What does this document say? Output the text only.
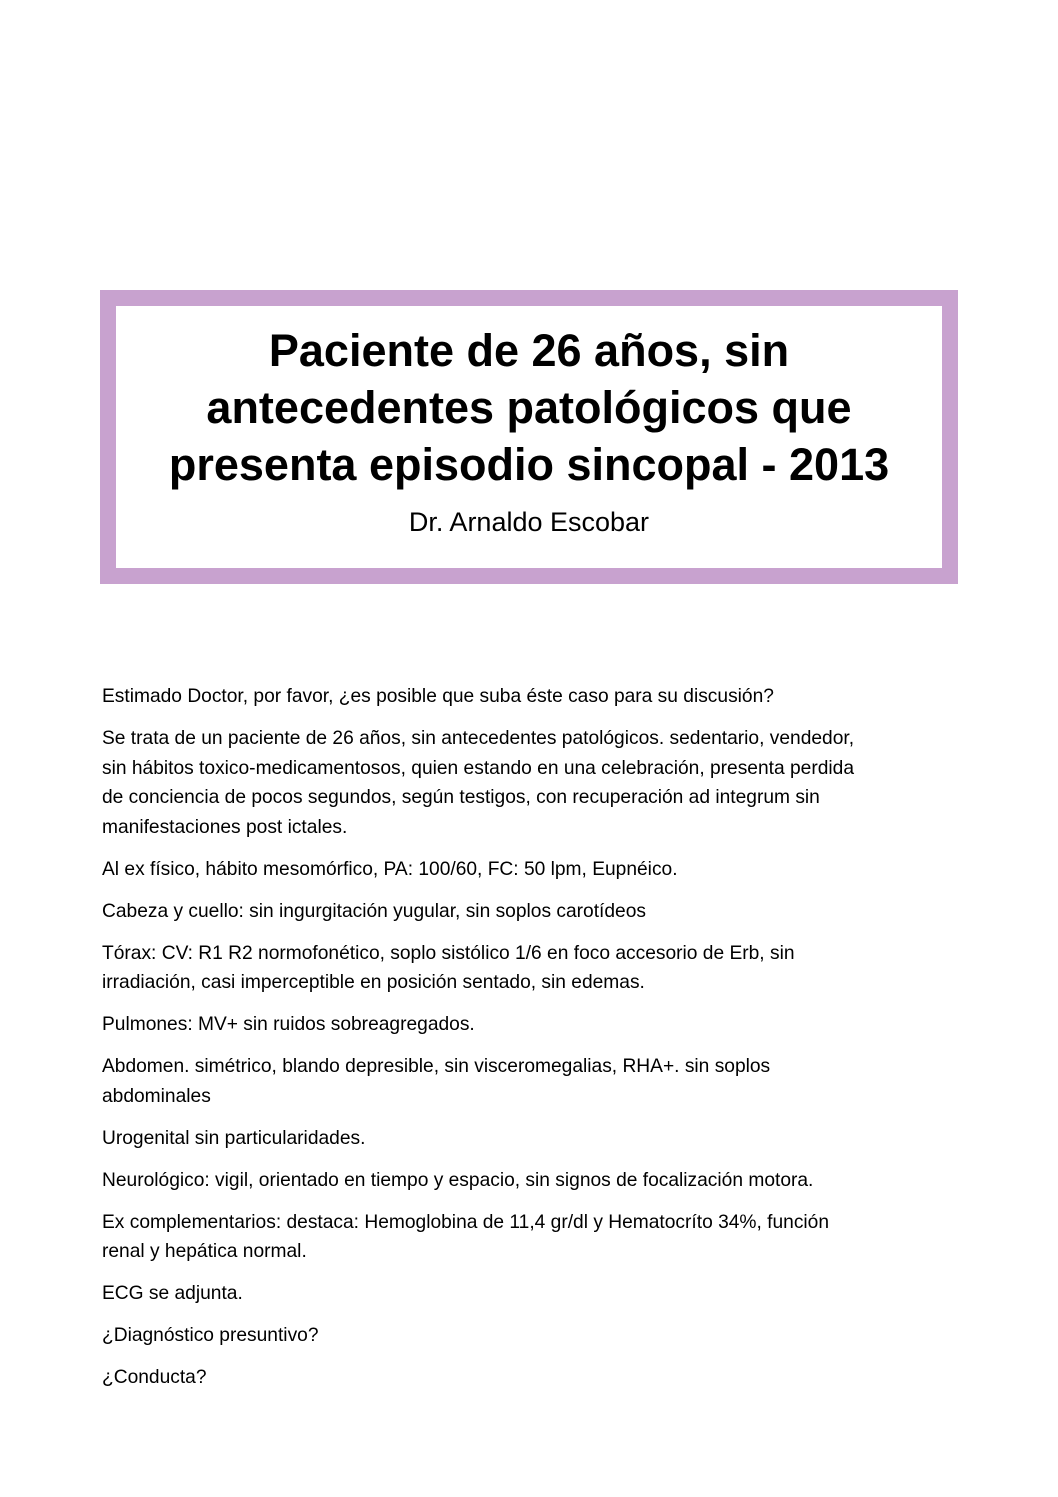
Paciente de 26 años, sin
antecedentes patológicos que
presenta episodio sincopal - 2013
Dr. Arnaldo Escobar

Estimado Doctor, por favor, ¿es posible que suba éste caso para su discusión?

Se trata de un paciente de 26 años, sin antecedentes patológicos. sedentario, vendedor,
sin hábitos toxico-medicamentosos, quien estando en una celebración, presenta perdida
de conciencia de pocos segundos, según testigos, con recuperación ad integrum sin
manifestaciones post ictales.

Al ex físico, hábito mesomórfico, PA: 100/60, FC: 50 lpm, Eupnéico.

Cabeza y cuello: sin ingurgitación yugular, sin soplos carotídeos

Tórax: CV: R1 R2 normofonético, soplo sistólico 1/6 en foco accesorio de Erb, sin
irradiación, casi imperceptible en posición sentado, sin edemas.

Pulmones: MV+ sin ruidos sobreagregados.

Abdomen. simétrico, blando depresible, sin visceromegalias, RHA+. sin soplos
abdominales

Urogenital sin particularidades.

Neurológico: vigil, orientado en tiempo y espacio, sin signos de focalización motora.

Ex complementarios: destaca: Hemoglobina de 11,4 gr/dl y Hematocríto 34%, función
renal y hepática normal.

ECG se adjunta.

¿Diagnóstico presuntivo?

¿Conducta?
